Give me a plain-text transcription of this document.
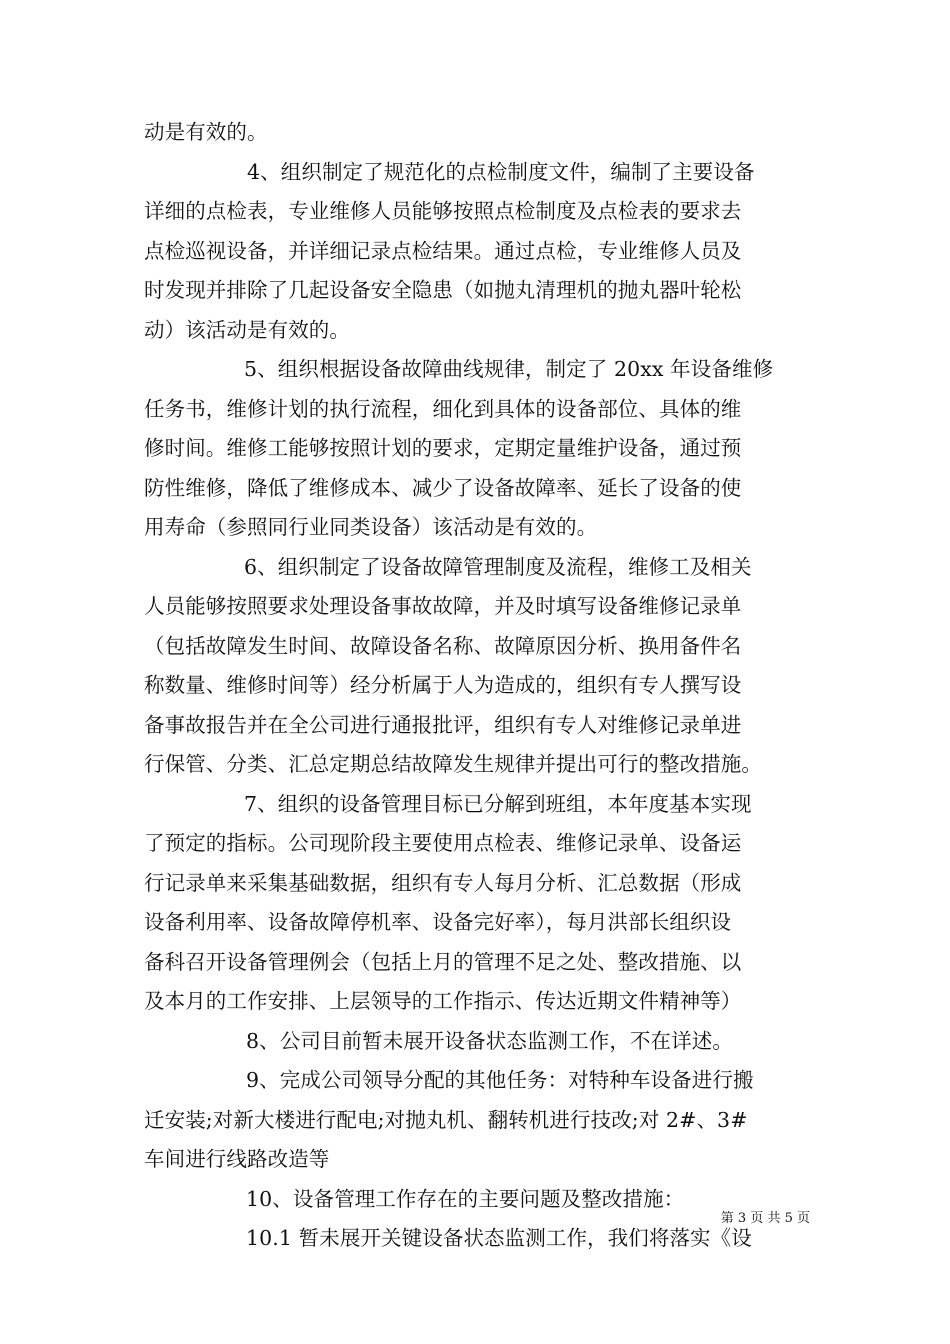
动是有效的。
4、组织制定了规范化的点检制度文件，编制了主要设备
详细的点检表，专业维修人员能够按照点检制度及点检表的要求去
点检巡视设备，并详细记录点检结果。通过点检，专业维修人员及
时发现并排除了几起设备安全隐患（如抛丸清理机的抛丸器叶轮松
动）该活动是有效的。
5、组织根据设备故障曲线规律，制定了 20xx 年设备维修
任务书，维修计划的执行流程，细化到具体的设备部位、具体的维
修时间。维修工能够按照计划的要求，定期定量维护设备，通过预
防性维修，降低了维修成本、减少了设备故障率、延长了设备的使
用寿命（参照同行业同类设备）该活动是有效的。
6、组织制定了设备故障管理制度及流程，维修工及相关
人员能够按照要求处理设备事故故障，并及时填写设备维修记录单
（包括故障发生时间、故障设备名称、故障原因分析、换用备件名
称数量、维修时间等）经分析属于人为造成的，组织有专人撰写设
备事故报告并在全公司进行通报批评，组织有专人对维修记录单进
行保管、分类、汇总定期总结故障发生规律并提出可行的整改措施。
7、组织的设备管理目标已分解到班组，本年度基本实现
了预定的指标。公司现阶段主要使用点检表、维修记录单、设备运
行记录单来采集基础数据，组织有专人每月分析、汇总数据（形成
设备利用率、设备故障停机率、设备完好率），每月洪部长组织设
备科召开设备管理例会（包括上月的管理不足之处、整改措施、以
及本月的工作安排、上层领导的工作指示、传达近期文件精神等）
8、公司目前暂未展开设备状态监测工作，不在详述。
9、完成公司领导分配的其他任务：对特种车设备进行搬
迁安装;对新大楼进行配电;对抛丸机、翻转机进行技改;对 2#、3#
车间进行线路改造等
10、设备管理工作存在的主要问题及整改措施：
10.1 暂未展开关键设备状态监测工作，我们将落实《设
第 3 页 共 5 页
